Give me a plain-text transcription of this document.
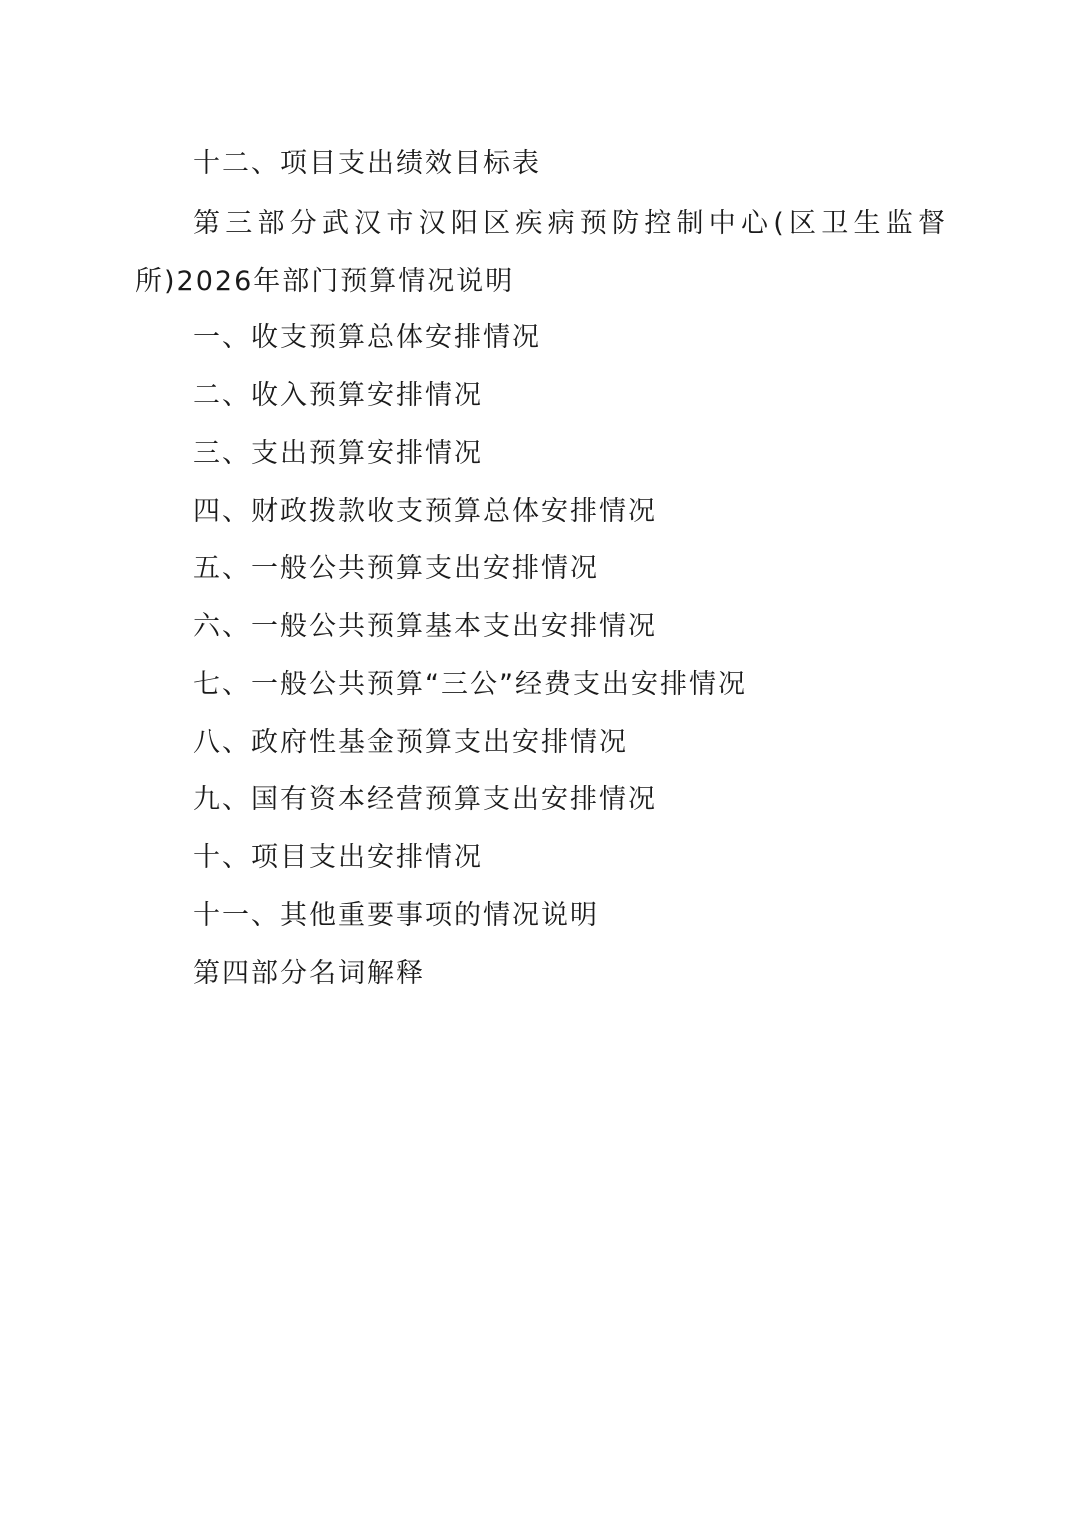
十二、项目支出绩效目标表

第三部分武汉市汉阳区疾病预防控制中心(区卫生监督所)2026年部门预算情况说明

一、收支预算总体安排情况

二、收入预算安排情况

三、支出预算安排情况

四、财政拨款收支预算总体安排情况

五、一般公共预算支出安排情况

六、一般公共预算基本支出安排情况

七、一般公共预算“三公”经费支出安排情况

八、政府性基金预算支出安排情况

九、国有资本经营预算支出安排情况

十、项目支出安排情况

十一、其他重要事项的情况说明

第四部分名词解释
